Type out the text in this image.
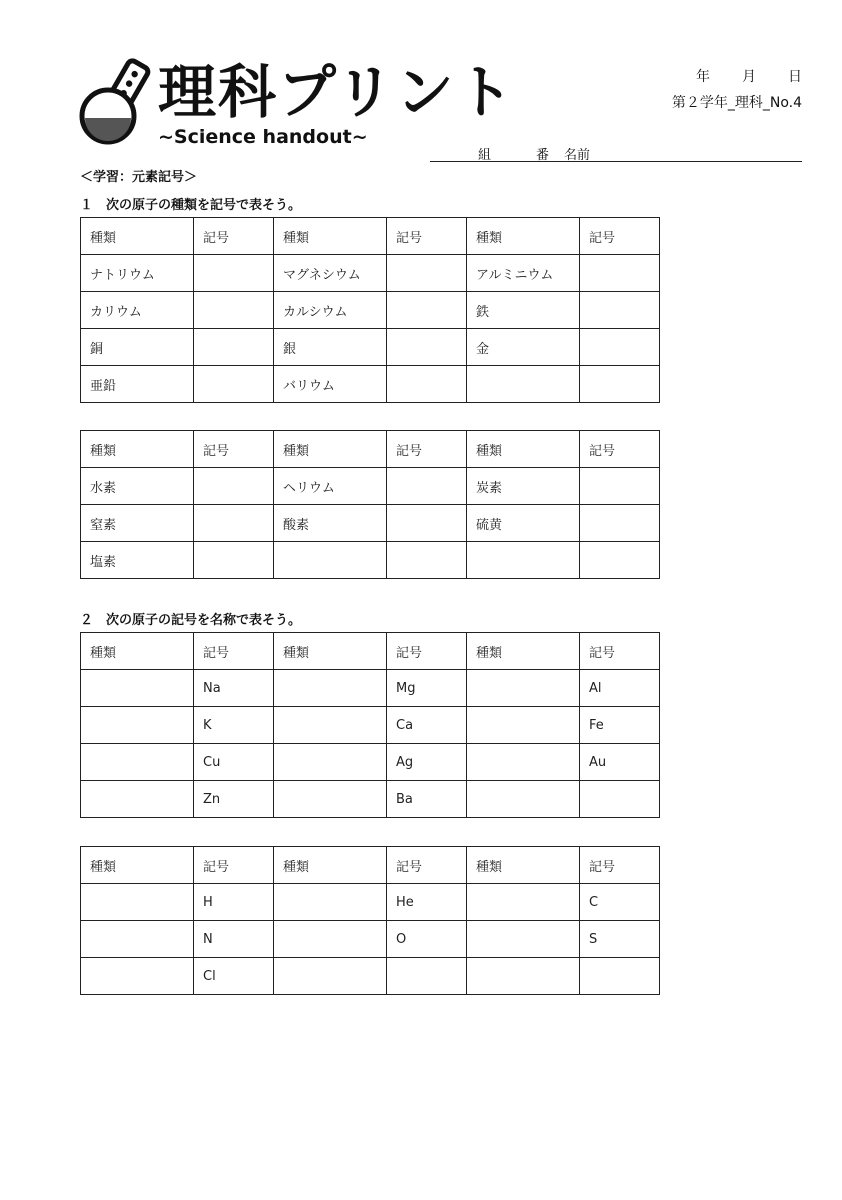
理科プリント
~Science handout~
年 月 日
第２学年_理科_No.4
組	番 名前
＜学習：元素記号＞
１　次の原子の種類を記号で表そう。
種類	記号	種類	記号	種類	記号
ナトリウム		マグネシウム		アルミニウム	
カリウム		カルシウム		鉄	
銅		銀		金	
亜鉛		バリウム			
種類	記号	種類	記号	種類	記号
水素		ヘリウム		炭素	
窒素		酸素		硫黄	
塩素					
２　次の原子の記号を名称で表そう。
種類	記号	種類	記号	種類	記号
	Na		Mg		Al
	K		Ca		Fe
	Cu		Ag		Au
	Zn		Ba		
種類	記号	種類	記号	種類	記号
	H		He		C
	N		O		S
	Cl				
